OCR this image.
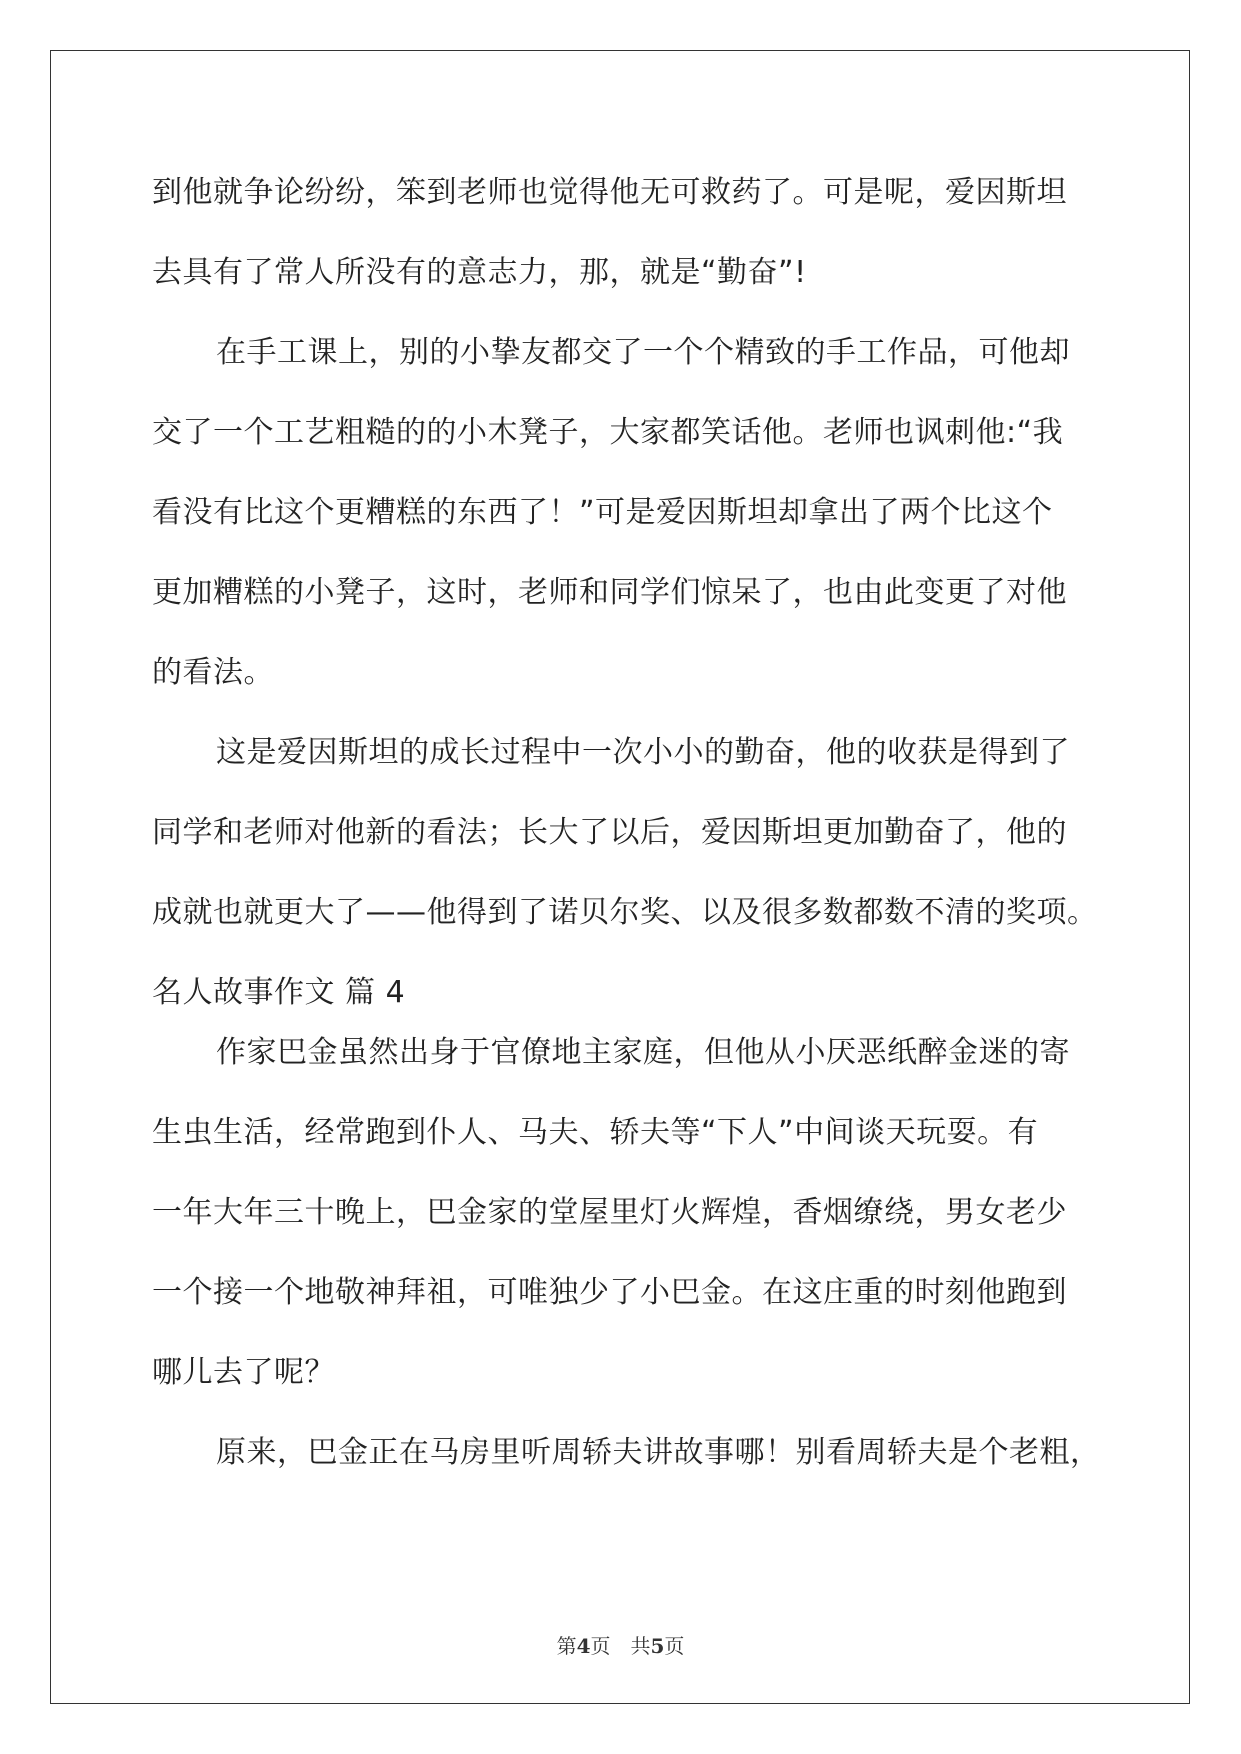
到他就争论纷纷，笨到老师也觉得他无可救药了。可是呢，爱因斯坦
去具有了常人所没有的意志力，那，就是“勤奋”!
在手工课上，别的小挚友都交了一个个精致的手工作品，可他却
交了一个工艺粗糙的的小木凳子，大家都笑话他。老师也讽刺他:“我
看没有比这个更糟糕的东西了！”可是爱因斯坦却拿出了两个比这个
更加糟糕的小凳子，这时，老师和同学们惊呆了，也由此变更了对他
的看法。
这是爱因斯坦的成长过程中一次小小的勤奋，他的收获是得到了
同学和老师对他新的看法；长大了以后，爱因斯坦更加勤奋了，他的
成就也就更大了——他得到了诺贝尔奖、以及很多数都数不清的奖项。
名人故事作文 篇 4
作家巴金虽然出身于官僚地主家庭，但他从小厌恶纸醉金迷的寄
生虫生活，经常跑到仆人、马夫、轿夫等“下人”中间谈天玩耍。有
一年大年三十晚上，巴金家的堂屋里灯火辉煌，香烟缭绕，男女老少
一个接一个地敬神拜祖，可唯独少了小巴金。在这庄重的时刻他跑到
哪儿去了呢？
原来，巴金正在马房里听周轿夫讲故事哪！别看周轿夫是个老粗，
第4页 共5页
